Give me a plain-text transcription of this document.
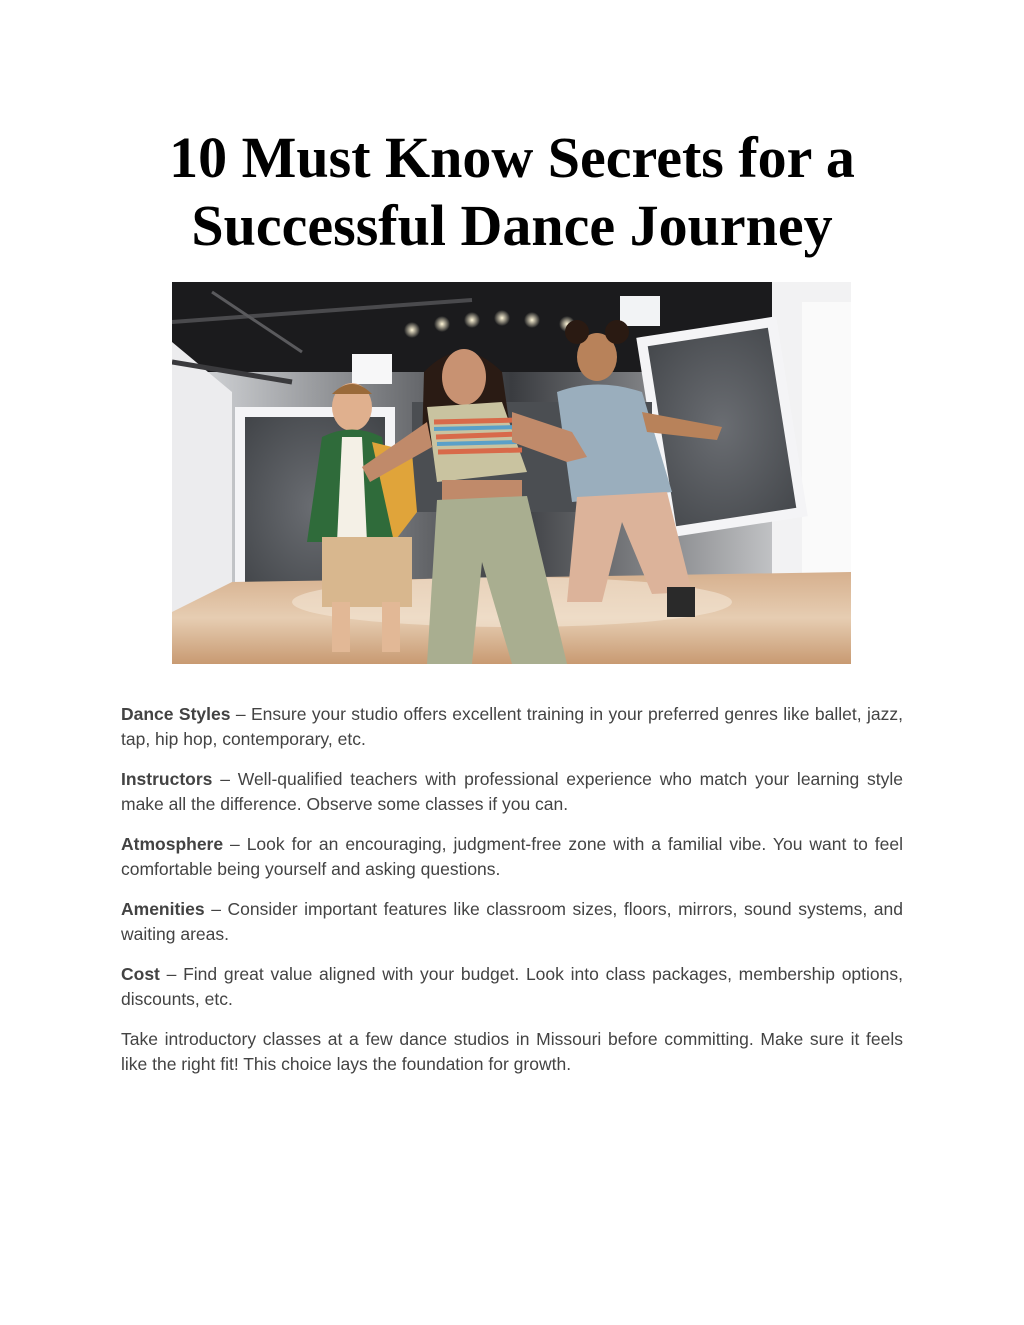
10 Must Know Secrets for a
Successful Dance Journey

Dance Styles – Ensure your studio offers excellent training in your preferred genres like ballet, jazz, tap, hip hop, contemporary, etc.

Instructors – Well-qualified teachers with professional experience who match your learning style make all the difference. Observe some classes if you can.

Atmosphere – Look for an encouraging, judgment-free zone with a familial vibe. You want to feel comfortable being yourself and asking questions.

Amenities – Consider important features like classroom sizes, floors, mirrors, sound systems, and waiting areas.

Cost – Find great value aligned with your budget. Look into class packages, membership options, discounts, etc.

Take introductory classes at a few dance studios in Missouri before committing. Make sure it feels like the right fit! This choice lays the foundation for growth.
